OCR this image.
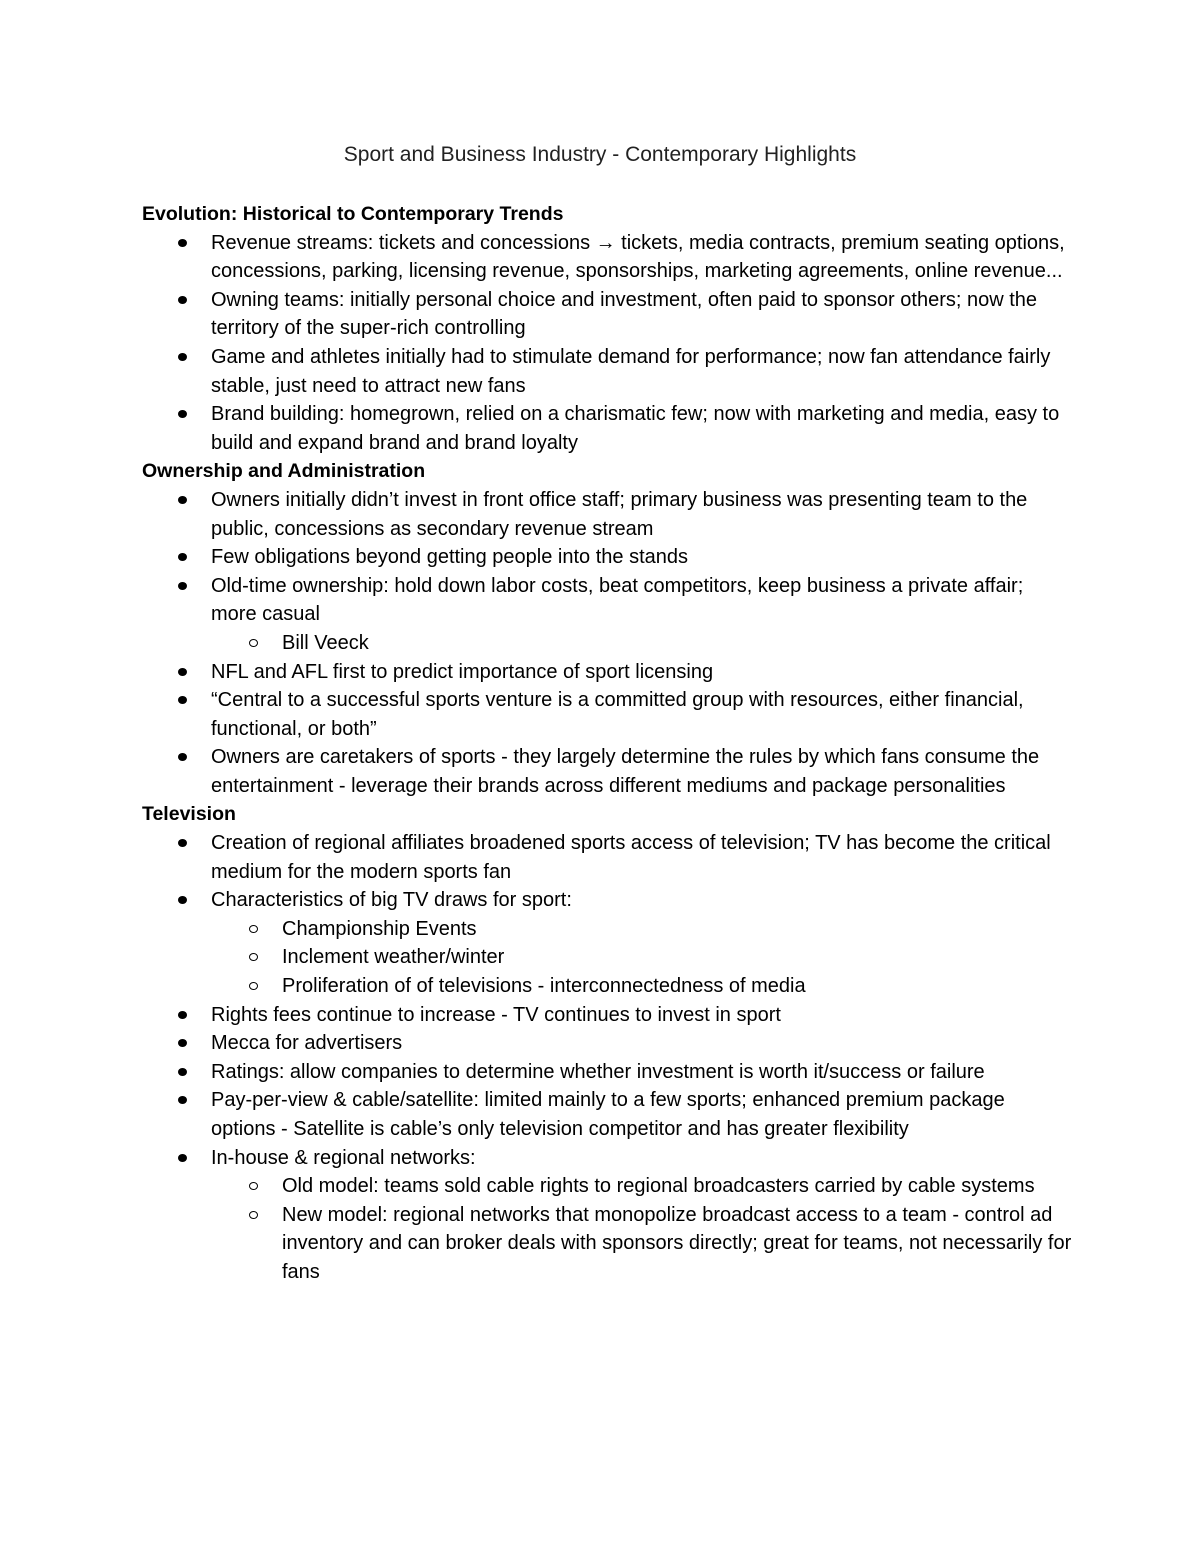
Sport and Business Industry - Contemporary Highlights
Evolution: Historical to Contemporary Trends
Revenue streams: tickets and concessions → tickets, media contracts, premium seating options, concessions, parking, licensing revenue, sponsorships, marketing agreements, online revenue...
Owning teams: initially personal choice and investment, often paid to sponsor others; now the territory of the super-rich controlling
Game and athletes initially had to stimulate demand for performance; now fan attendance fairly stable, just need to attract new fans
Brand building: homegrown, relied on a charismatic few; now with marketing and media, easy to build and expand brand and brand loyalty
Ownership and Administration
Owners initially didn’t invest in front office staff; primary business was presenting team to the public, concessions as secondary revenue stream
Few obligations beyond getting people into the stands
Old-time ownership: hold down labor costs, beat competitors, keep business a private affair; more casual
Bill Veeck
NFL and AFL first to predict importance of sport licensing
“Central to a successful sports venture is a committed group with resources, either financial, functional, or both”
Owners are caretakers of sports - they largely determine the rules by which fans consume the entertainment - leverage their brands across different mediums and package personalities
Television
Creation of regional affiliates broadened sports access of television; TV has become the critical medium for the modern sports fan
Characteristics of big TV draws for sport:
Championship Events
Inclement weather/winter
Proliferation of of televisions - interconnectedness of media
Rights fees continue to increase - TV continues to invest in sport
Mecca for advertisers
Ratings: allow companies to determine whether investment is worth it/success or failure
Pay-per-view & cable/satellite: limited mainly to a few sports; enhanced premium package options - Satellite is cable’s only television competitor and has greater flexibility
In-house & regional networks:
Old model: teams sold cable rights to regional broadcasters carried by cable systems
New model: regional networks that monopolize broadcast access to a team - control ad inventory and can broker deals with sponsors directly; great for teams, not necessarily for fans
